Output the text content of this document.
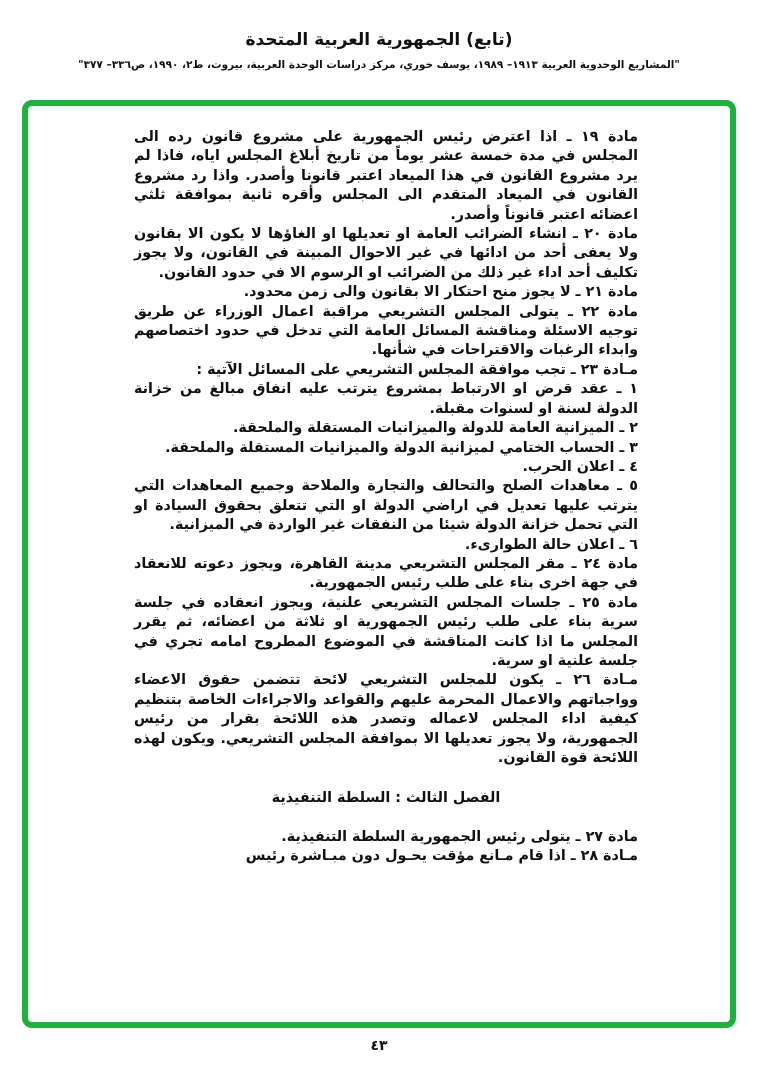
(تابع) الجمهورية العربية المتحدة
"المشاريع الوحدوية العربية ١٩١٣– ١٩٨٩، يوسف خوري، مركز دراسات الوحدة العربية، بيروت، ط٢، ١٩٩٠، ص٣٣٦– ٣٧٧"

مادة ١٩ ـ اذا اعترض رئيس الجمهورية على مشروع قانون رده الى المجلس في مدة خمسة عشر يوماً من تاريخ أبلاغ المجلس اياه، فاذا لم يرد مشروع القانون في هذا الميعاد اعتبر قانونا وأصدر. واذا رد مشروع القانون في الميعاد المتقدم الى المجلس وأقره ثانية بموافقة ثلثي اعضائه اعتبر قانوناً وأصدر.

مادة ٢٠ ـ انشاء الضرائب العامة او تعديلها او الغاؤها لا يكون الا بقانون ولا يعفى أحد من ادائها في غير الاحوال المبينة في القانون، ولا يجوز تكليف أحد اداء غير ذلك من الضرائب او الرسوم الا في حدود القانون.

مادة ٢١ ـ لا يجوز منح احتكار الا بقانون والى زمن محدود.

مادة ٢٢ ـ يتولى المجلس التشريعي مراقبة اعمال الوزراء عن طريق توجيه الاسئلة ومناقشة المسائل العامة التي تدخل في حدود اختصاصهم وابداء الرغبات والاقتراحات في شأنها.

مـادة ٢٣ ـ تجب موافقة المجلس التشريعي على المسائل الآتية :

١ ـ عقد قرض او الارتباط بمشروع يترتب عليه انفاق مبالغ من خزانة الدولة لسنة او لسنوات مقبلة.

٢ ـ الميزانية العامة للدولة والميزانيات المستقلة والملحقة.

٣ ـ الحساب الختامي لميزانية الدولة والميزانيات المستقلة والملحقة.

٤ ـ اعلان الحرب.

٥ ـ معاهدات الصلح والتحالف والتجارة والملاحة وجميع المعاهدات التي يترتب عليها تعديل في اراضي الدولة او التي تتعلق بحقوق السيادة او التي تحمل خزانة الدولة شيئا من النفقات غير الواردة في الميزانية.

٦ ـ اعلان حالة الطوارىء.

مادة ٢٤ ـ مقر المجلس التشريعي مدينة القاهرة، ويجوز دعوته للانعقاد في جهة اخرى بناء على طلب رئيس الجمهورية.

مادة ٢٥ ـ جلسات المجلس التشريعي علنية، ويجوز انعقاده في جلسة سرية بناء على طلب رئيس الجمهورية او ثلاثة من اعضائه، ثم يقرر المجلس ما اذا كانت المناقشة في الموضوع المطروح امامه تجري في جلسة علنية او سرية.

مـادة ٢٦ ـ يكون للمجلس التشريعي لائحة تتضمن حقوق الاعضاء وواجباتهم والاعمال المحرمة عليهم والقواعد والاجراءات الخاصة بتنظيم كيفية اداء المجلس لاعماله وتصدر هذه اللائحة بقرار من رئيس الجمهورية، ولا يجوز تعديلها الا بموافقة المجلس التشريعي. ويكون لهذه اللائحة قوة القانون.

الفصل الثالث : السلطة التنفيذية

مادة ٢٧ ـ يتولى رئيس الجمهورية السلطة التنفيذية.

مـادة ٢٨ ـ اذا قام مـانع مؤقت يحـول دون مبـاشرة رئيس

٤٣
